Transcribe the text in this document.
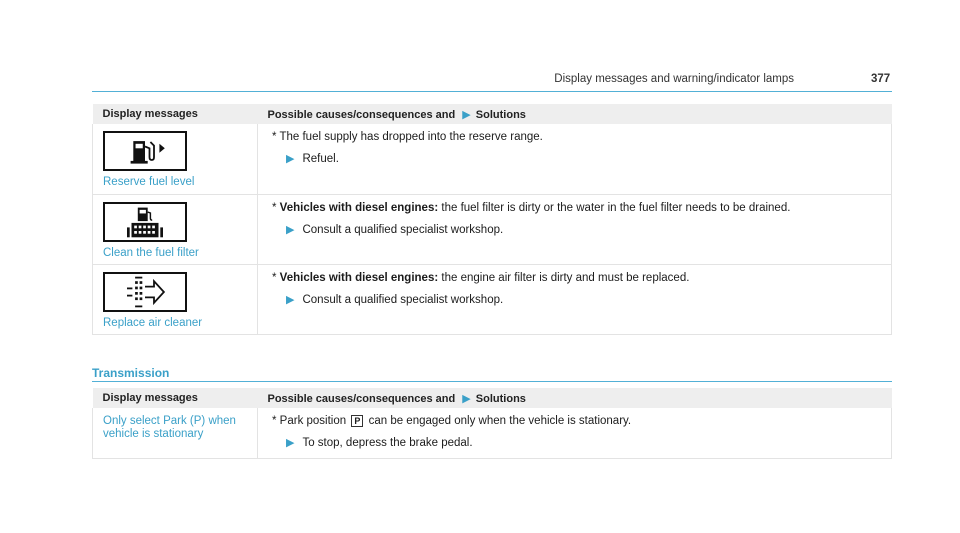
Display messages and warning/indicator lamps	377
Display messages	Possible causes/consequences and ▶ Solutions

Reserve fuel level	* The fuel supply has dropped into the reserve range.

▶ Refuel.

Clean the fuel filter	* Vehicles with diesel engines: the fuel filter is dirty or the water in the fuel filter needs to be drained.

▶ Consult a qualified specialist workshop.

Replace air cleaner	* Vehicles with diesel engines: the engine air filter is dirty and must be replaced.

▶ Consult a qualified specialist workshop.

Transmission
Display messages	Possible causes/consequences and ▶ Solutions

Only select Park (P) when vehicle is stationary	* Park position P can be engaged only when the vehicle is stationary.

▶ To stop, depress the brake pedal.
